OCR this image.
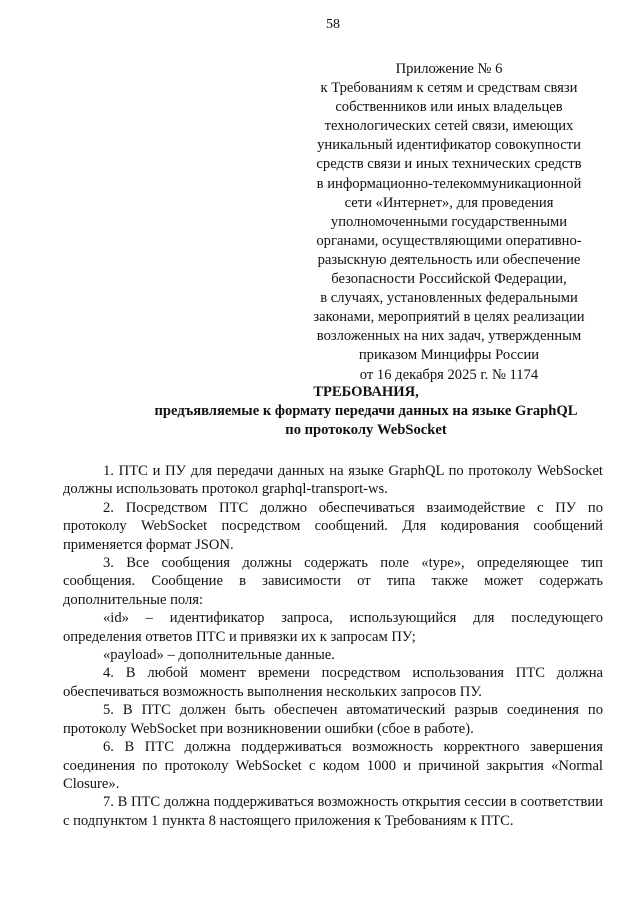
58
Приложение № 6
к Требованиям к сетям и средствам связи
собственников или иных владельцев
технологических сетей связи, имеющих
уникальный идентификатор совокупности
средств связи и иных технических средств
в информационно-телекоммуникационной
сети «Интернет», для проведения
уполномоченными государственными
органами, осуществляющими оперативно-
разыскную деятельность или обеспечение
безопасности Российской Федерации,
в случаях, установленных федеральными
законами, мероприятий в целях реализации
возложенных на них задач, утвержденным
приказом Минцифры России
от 16 декабря 2025 г. № 1174
ТРЕБОВАНИЯ,
предъявляемые к формату передачи данных на языке GraphQL
по протоколу WebSocket

1. ПТС и ПУ для передачи данных на языке GraphQL по протоколу WebSocket должны использовать протокол graphql-transport-ws.

2. Посредством ПТС должно обеспечиваться взаимодействие с ПУ по протоколу WebSocket посредством сообщений. Для кодирования сообщений применяется формат JSON.

3. Все сообщения должны содержать поле «type», определяющее тип сообщения. Сообщение в зависимости от типа также может содержать дополнительные поля:

«id» – идентификатор запроса, использующийся для последующего определения ответов ПТС и привязки их к запросам ПУ;

«payload» – дополнительные данные.

4. В любой момент времени посредством использования ПТС должна обеспечиваться возможность выполнения нескольких запросов ПУ.

5. В ПТС должен быть обеспечен автоматический разрыв соединения по протоколу WebSocket при возникновении ошибки (сбое в работе).

6. В ПТС должна поддерживаться возможность корректного завершения соединения по протоколу WebSocket с кодом 1000 и причиной закрытия «Normal Closure».

7. В ПТС должна поддерживаться возможность открытия сессии в соответствии с подпунктом 1 пункта 8 настоящего приложения к Требованиям к ПТС.
